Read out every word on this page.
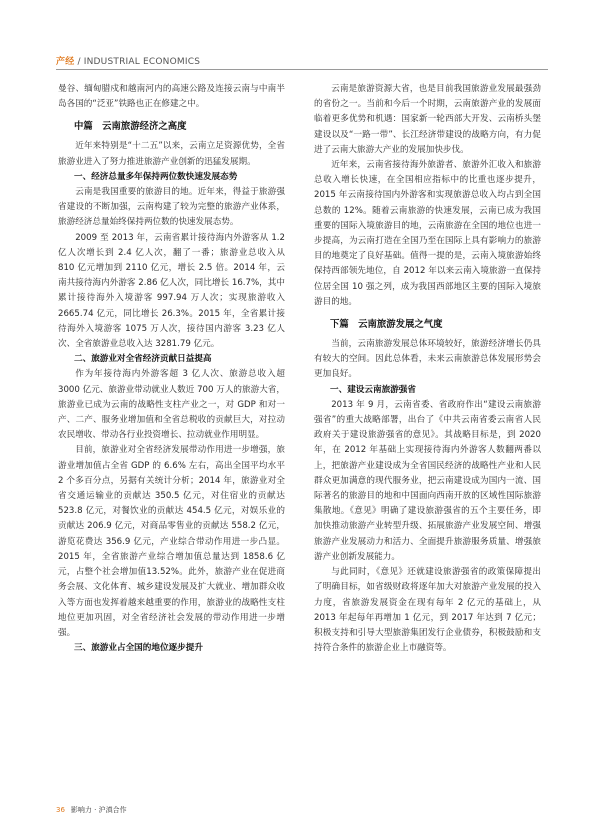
产经 / INDUSTRIAL ECONOMICS

曼谷、缅甸腊戍和越南河内的高速公路及连接云南与中南半岛各国的“泛亚”铁路也正在修建之中。

中篇　云南旅游经济之高度

近年来特别是“十二五”以来，云南立足资源优势，全省旅游业进入了努力推进旅游产业创新的迅猛发展期。

一、经济总量多年保持两位数快速发展态势

云南是我国重要的旅游目的地。近年来，得益于旅游强省建设的不断加强，云南构建了较为完整的旅游产业体系，旅游经济总量始终保持两位数的快速发展态势。

2009 至 2013 年，云南省累计接待海内外游客从 1.2 亿人次增长到 2.4 亿人次，翻了一番；旅游业总收入从 810 亿元增加到 2110 亿元，增长 2.5 倍。2014 年，云南共接待海内外游客 2.86 亿人次，同比增长 16.7%，其中累计接待海外入境游客 997.94 万人次；实现旅游收入 2665.74 亿元，同比增长 26.3%。2015 年，全省累计接待海外入境游客 1075 万人次，接待国内游客 3.23 亿人次、全省旅游业总收入达 3281.79 亿元。

二、旅游业对全省经济贡献日益提高

作为年接待海内外游客超 3 亿人次、旅游总收入超 3000 亿元、旅游业带动就业人数近 700 万人的旅游大省，旅游业已成为云南的战略性支柱产业之一，对 GDP 和对一产、二产、服务业增加值和全省总税收的贡献巨大，对拉动农民增收、带动各行业投资增长、拉动就业作用明显。

目前，旅游业对全省经济发展带动作用进一步增强，旅游业增加值占全省 GDP 的 6.6% 左右，高出全国平均水平 2 个多百分点，另据有关统计分析；2014 年，旅游业对全省交通运输业的贡献达 350.5 亿元，对住宿业的贡献达 523.8 亿元，对餐饮业的贡献达 454.5 亿元，对娱乐业的贡献达 206.9 亿元，对商品零售业的贡献达 558.2 亿元，游览花费达 356.9 亿元，产业综合带动作用进一步凸显。2015 年，全省旅游产业综合增加值总量达到 1858.6 亿元，占整个社会增加值13.52%。此外，旅游产业在促进商务会展、文化体育、城乡建设发展及扩大就业、增加群众收入等方面也发挥着越来越重要的作用，旅游业的战略性支柱地位更加巩固，对全省经济社会发展的带动作用进一步增强。

三、旅游业占全国的地位逐步提升

云南是旅游资源大省，也是目前我国旅游业发展最强劲的省份之一。当前和今后一个时期，云南旅游产业的发展面临着更多优势和机遇：国家新一轮西部大开发、云南桥头堡建设以及“一路一带”、长江经济带建设的战略方向，有力促进了云南大旅游大产业的发展加快步伐。

近年来，云南省接待海外旅游者、旅游外汇收入和旅游总收入增长快速，在全国相应指标中的比重也逐步提升，2015 年云南接待国内外游客和实现旅游总收入均占到全国总数的 12%。随着云南旅游的快速发展，云南已成为我国重要的国际入境旅游目的地，云南旅游在全国的地位也进一步提高，为云南打造在全国乃至在国际上具有影响力的旅游目的地奠定了良好基础。值得一提的是，云南入境旅游始终保持西部领先地位，自 2012 年以来云南入境旅游一直保持位居全国 10 强之列，成为我国西部地区主要的国际入境旅游目的地。

下篇　云南旅游发展之气度

当前，云南旅游发展总体环境较好，旅游经济增长仍具有较大的空间。因此总体看，未来云南旅游总体发展形势会更加良好。

一、建设云南旅游强省

2013 年 9 月，云南省委、省政府作出“建设云南旅游强省”的重大战略部署，出台了《中共云南省委云南省人民政府关于建设旅游强省的意见》。其战略目标是，到 2020 年，在 2012 年基础上实现接待海内外游客人数翻两番以上，把旅游产业建设成为全省国民经济的战略性产业和人民群众更加满意的现代服务业，把云南建设成为国内一流、国际著名的旅游目的地和中国面向西南开放的区域性国际旅游集散地。《意见》明确了建设旅游强省的五个主要任务，即加快推动旅游产业转型升级、拓展旅游产业发展空间、增强旅游产业发展动力和活力、全面提升旅游服务质量、增强旅游产业创新发展能力。

与此同时，《意见》还就建设旅游强省的政策保障提出了明确目标，如省级财政将逐年加大对旅游产业发展的投入力度，省旅游发展资金在现有每年 2 亿元的基础上，从 2013 年起每年再增加 1 亿元，到 2017 年达到 7 亿元；积极支持和引导大型旅游集团发行企业债券，积极鼓励和支持符合条件的旅游企业上市融资等。

36 影响力 · 沪滇合作
